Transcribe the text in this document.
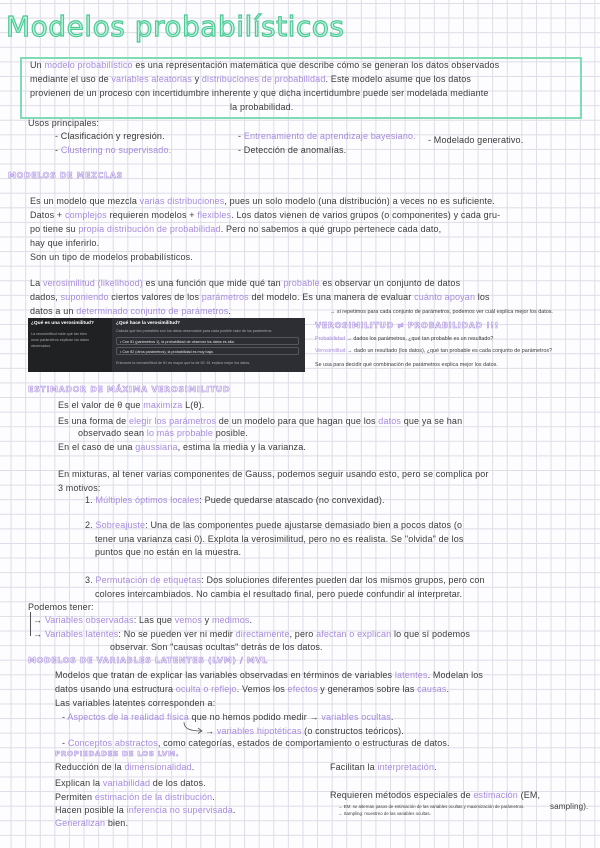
Modelos probabilísticos
Un modelo probabilístico es una representación matemática que describe cómo se generan los datos observados
mediante el uso de variables aleatorias y distribuciones de probabilidad. Este modelo asume que los datos
provienen de un proceso con incertidumbre inherente y que dicha incertidumbre puede ser modelada mediante
la probabilidad.
Usos principales:
- Clasificación y regresión.	- Entrenamiento de aprendizaje bayesiano. - Modelado generativo.
- Clustering no supervisado.	- Detección de anomalías.
MODELOS DE MEZCLAS
Es un modelo que mezcla varias distribuciones, pues un solo modelo (una distribución) a veces no es suficiente.
Datos + complejos requieren modelos + flexibles. Los datos vienen de varios grupos (o componentes) y cada gru-
po tiene su propia distribución de probabilidad. Pero no sabemos a qué grupo pertenece cada dato,
hay que inferirlo.
Son un tipo de modelos probabilísticos.
La verosimilitud (likelihood) es una función que mide qué tan probable es observar un conjunto de datos
dados, suponiendo ciertos valores de los parámetros del modelo. Es una manera de evaluar cuánto apoyan los
datos a un determinado conjunto de parámetros.	→ si repetimos para cada conjunto de parámetros, podemos ver cuál explica mejor los datos.
¿Qué es una verosimilitud?
La verosimilitud mide qué tan bien
unos parámetros explican los datos
observados.
¿Qué hace la verosimilitud?
Calcula qué tan probables son los datos observados para cada posible valor de los parámetros.
• Con θ1 (parámetros 1), la probabilidad de observar los datos es alta.
• Con θ2 (otros parámetros), la probabilidad es muy baja.
Entonces la verosimilitud de θ1 es mayor que la de θ2: θ1 explica mejor los datos.
VEROSIMILITUD ≠ PROBABILIDAD !!!
Probabilidad → dados los parámetros, ¿qué tan probable es un resultado?
Verosimilitud → dado un resultado (los datos), ¿qué tan probable es cada conjunto de parámetros?
Se usa para decidir qué combinación de parámetros explica mejor los datos.
ESTIMADOR DE MÁXIMA VEROSIMILITUD
Es el valor de θ que maximiza L(θ).
Es una forma de elegir los parámetros de un modelo para que hagan que los datos que ya se han
observado sean lo más probable posible.
En el caso de una gaussiana, estima la media y la varianza.
En mixturas, al tener varias componentes de Gauss, podemos seguir usando esto, pero se complica por
3 motivos:
1. Múltiples óptimos locales: Puede quedarse atascado (no convexidad).
2. Sobreajuste: Una de las componentes puede ajustarse demasiado bien a pocos datos (o
tener una varianza casi 0). Explota la verosimilitud, pero no es realista. Se "olvida" de los
puntos que no están en la muestra.
3. Permutación de etiquetas: Dos soluciones diferentes pueden dar los mismos grupos, pero con
colores intercambiados. No cambia el resultado final, pero puede confundir al interpretar.
Podemos tener:
→ Variables observadas: Las que vemos y medimos.
→ Variables latentes: No se pueden ver ni medir directamente, pero afectan o explican lo que sí podemos
observar. Son "causas ocultas" detrás de los datos.
MODELOS DE VARIABLES LATENTES (LVM) / MVL
Modelos que tratan de explicar las variables observadas en términos de variables latentes. Modelan los
datos usando una estructura oculta o reflejo. Vemos los efectos y generamos sobre las causas.
Las variables latentes corresponden a:
- Aspectos de la realidad física que no hemos podido medir → variables ocultas.
→ variables hipotéticas (o constructos teóricos).
- Conceptos abstractos, como categorías, estados de comportamiento o estructuras de datos.
PROPIEDADES DE LOS LVM.
Reducción de la dimensionalidad.
Explican la variabilidad de los datos.
Permiten estimación de la distribución.
Hacen posible la inferencia no supervisada.
Generalizan bien.
Facilitan la interpretación.
Requieren métodos especiales de estimación (EM,
sampling).
→ EM: se alternan pasos de estimación de las variables ocultas y maximización de parámetros.
→ Sampling: muestreo de las variables ocultas.
